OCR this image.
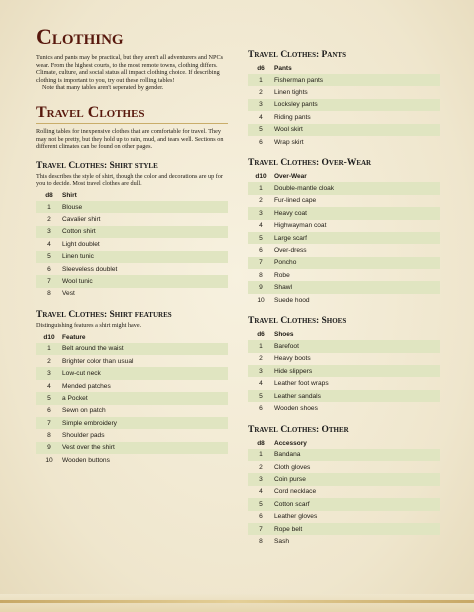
Clothing

Tunics and pants may be practical, but they aren't all adventurers and NPCs wear. From the highest courts, to the most remote towns, clothing differs. Climate, culture, and social status all impact clothing choice. If describing clothing is important to you, try out these rolling tables!

Note that many tables aren't seperated by gender.

Travel Clothes

Rolling tables for inexpensive clothes that are comfortable for travel. They may not be pretty, but they hold up to rain, mud, and tears well. Sections on different climates can be found on other pages.

Travel Clothes: Shirt style

This describes the style of shirt, though the color and decorations are up for you to decide. Most travel clothes are dull.

d8	Shirt
1	Blouse
2	Cavalier shirt
3	Cotton shirt
4	Light doublet
5	Linen tunic
6	Sleeveless doublet
7	Wool tunic
8	Vest
Travel Clothes: Shirt features

Distinguishing features a shirt might have.

d10	Feature
1	Belt around the waist
2	Brighter color than usual
3	Low-cut neck
4	Mended patches
5	a Pocket
6	Sewn on patch
7	Simple embroidery
8	Shoulder pads
9	Vest over the shirt
10	Wooden buttons
Travel Clothes: Pants
d6	Pants
1	Fisherman pants
2	Linen tights
3	Locksley pants
4	Riding pants
5	Wool skirt
6	Wrap skirt
Travel Clothes: Over-Wear
d10	Over-Wear
1	Double-mantle cloak
2	Fur-lined cape
3	Heavy coat
4	Highwayman coat
5	Large scarf
6	Over-dress
7	Poncho
8	Robe
9	Shawl
10	Suede hood
Travel Clothes: Shoes
d6	Shoes
1	Barefoot
2	Heavy boots
3	Hide slippers
4	Leather foot wraps
5	Leather sandals
6	Wooden shoes
Travel Clothes: Other
d8	Accessory
1	Bandana
2	Cloth gloves
3	Coin purse
4	Cord necklace
5	Cotton scarf
6	Leather gloves
7	Rope belt
8	Sash
